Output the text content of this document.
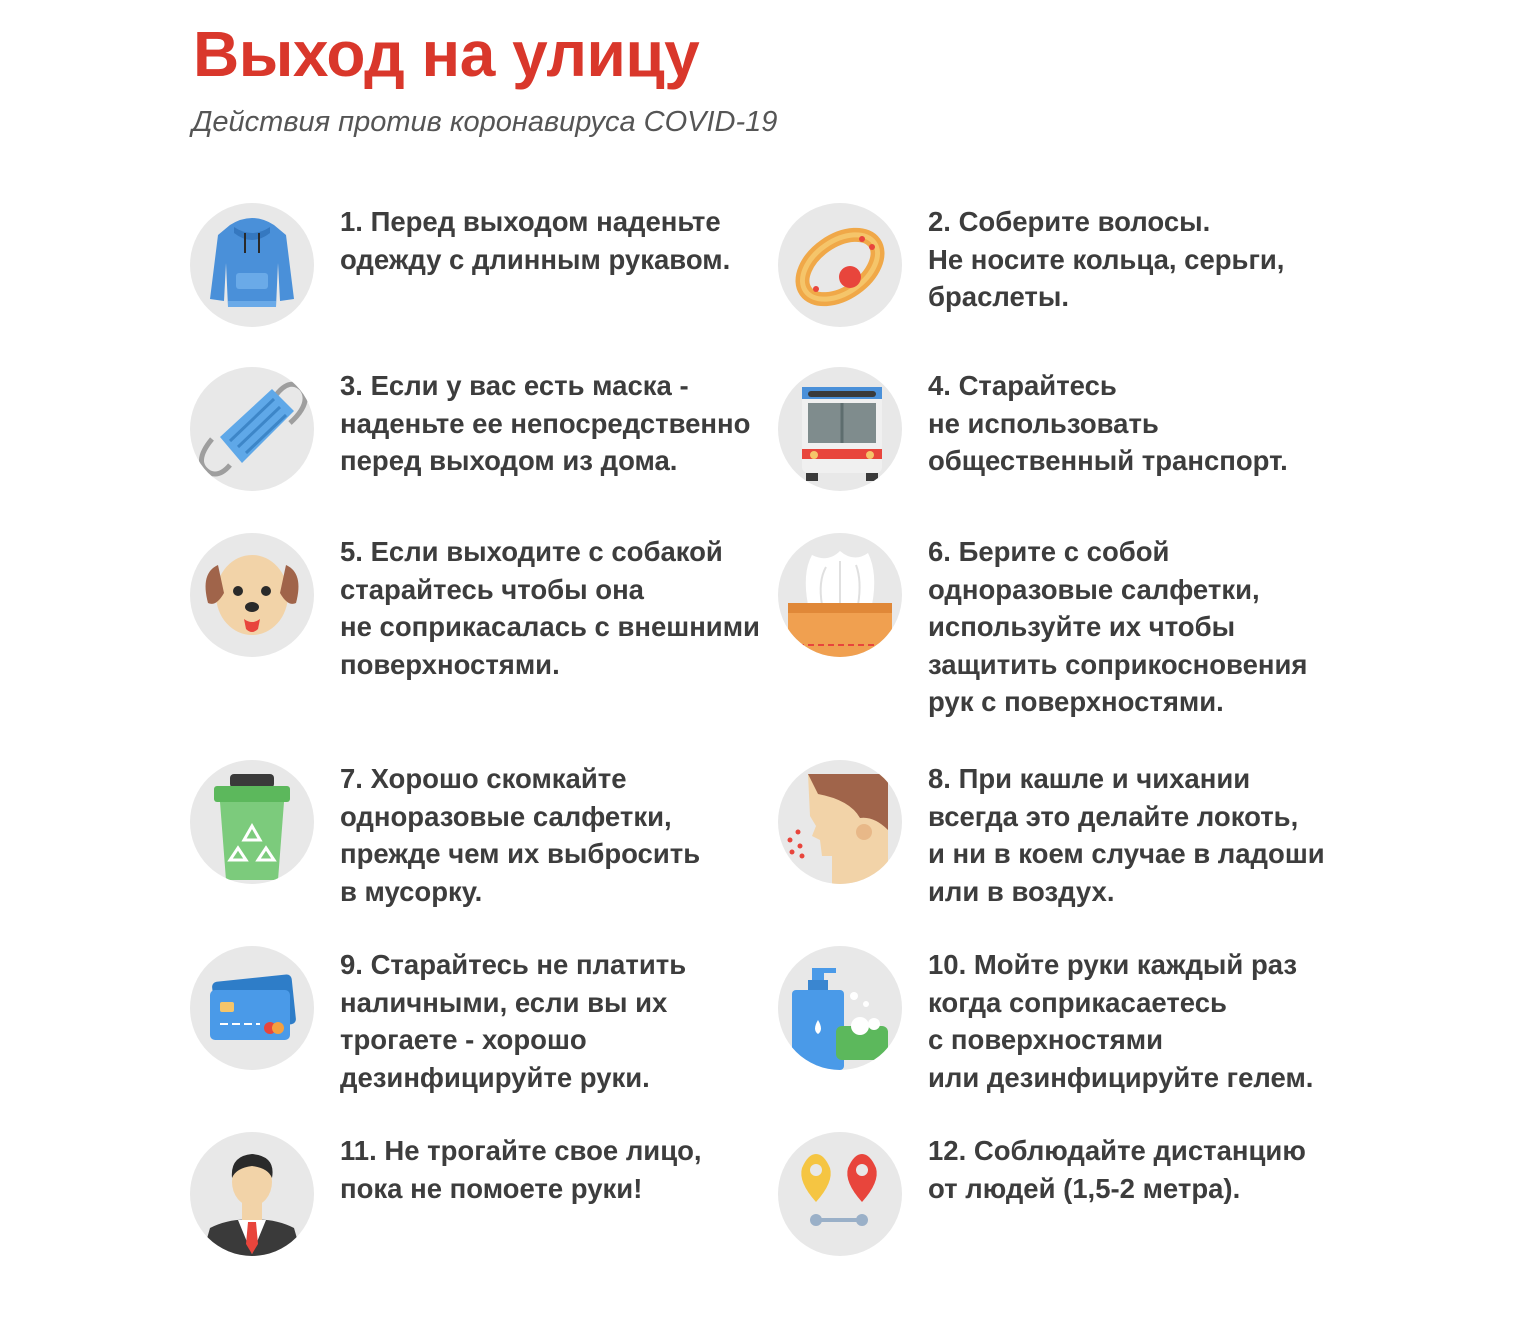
Выход на улицу

Действия против коронавируса COVID-19

1. Перед выходом наденьте
одежду с длинным рукавом.
2. Соберите волосы.
Не носите кольца, серьги,
браслеты.
3. Если у вас есть маска -
наденьте ее непосредственно
перед выходом из дома.
4. Старайтесь
не использовать
общественный транспорт.
5. Если выходите с собакой
старайтесь чтобы она
не соприкасалась с внешними
поверхностями.
6. Берите с собой
одноразовые салфетки,
используйте их чтобы
защитить соприкосновения
рук с поверхностями.
7. Хорошо скомкайте
одноразовые салфетки,
прежде чем их выбросить
в мусорку.
8. При кашле и чихании
всегда это делайте локоть,
и ни в коем случае в ладоши
или в воздух.
9. Старайтесь не платить
наличными, если вы их
трогаете - хорошо
дезинфицируйте руки.
10. Мойте руки каждый раз
когда соприкасаетесь
с поверхностями
или дезинфицируйте гелем.
11. Не трогайте свое лицо,
пока не помоете руки!
12. Соблюдайте дистанцию
от людей (1,5-2 метра).
